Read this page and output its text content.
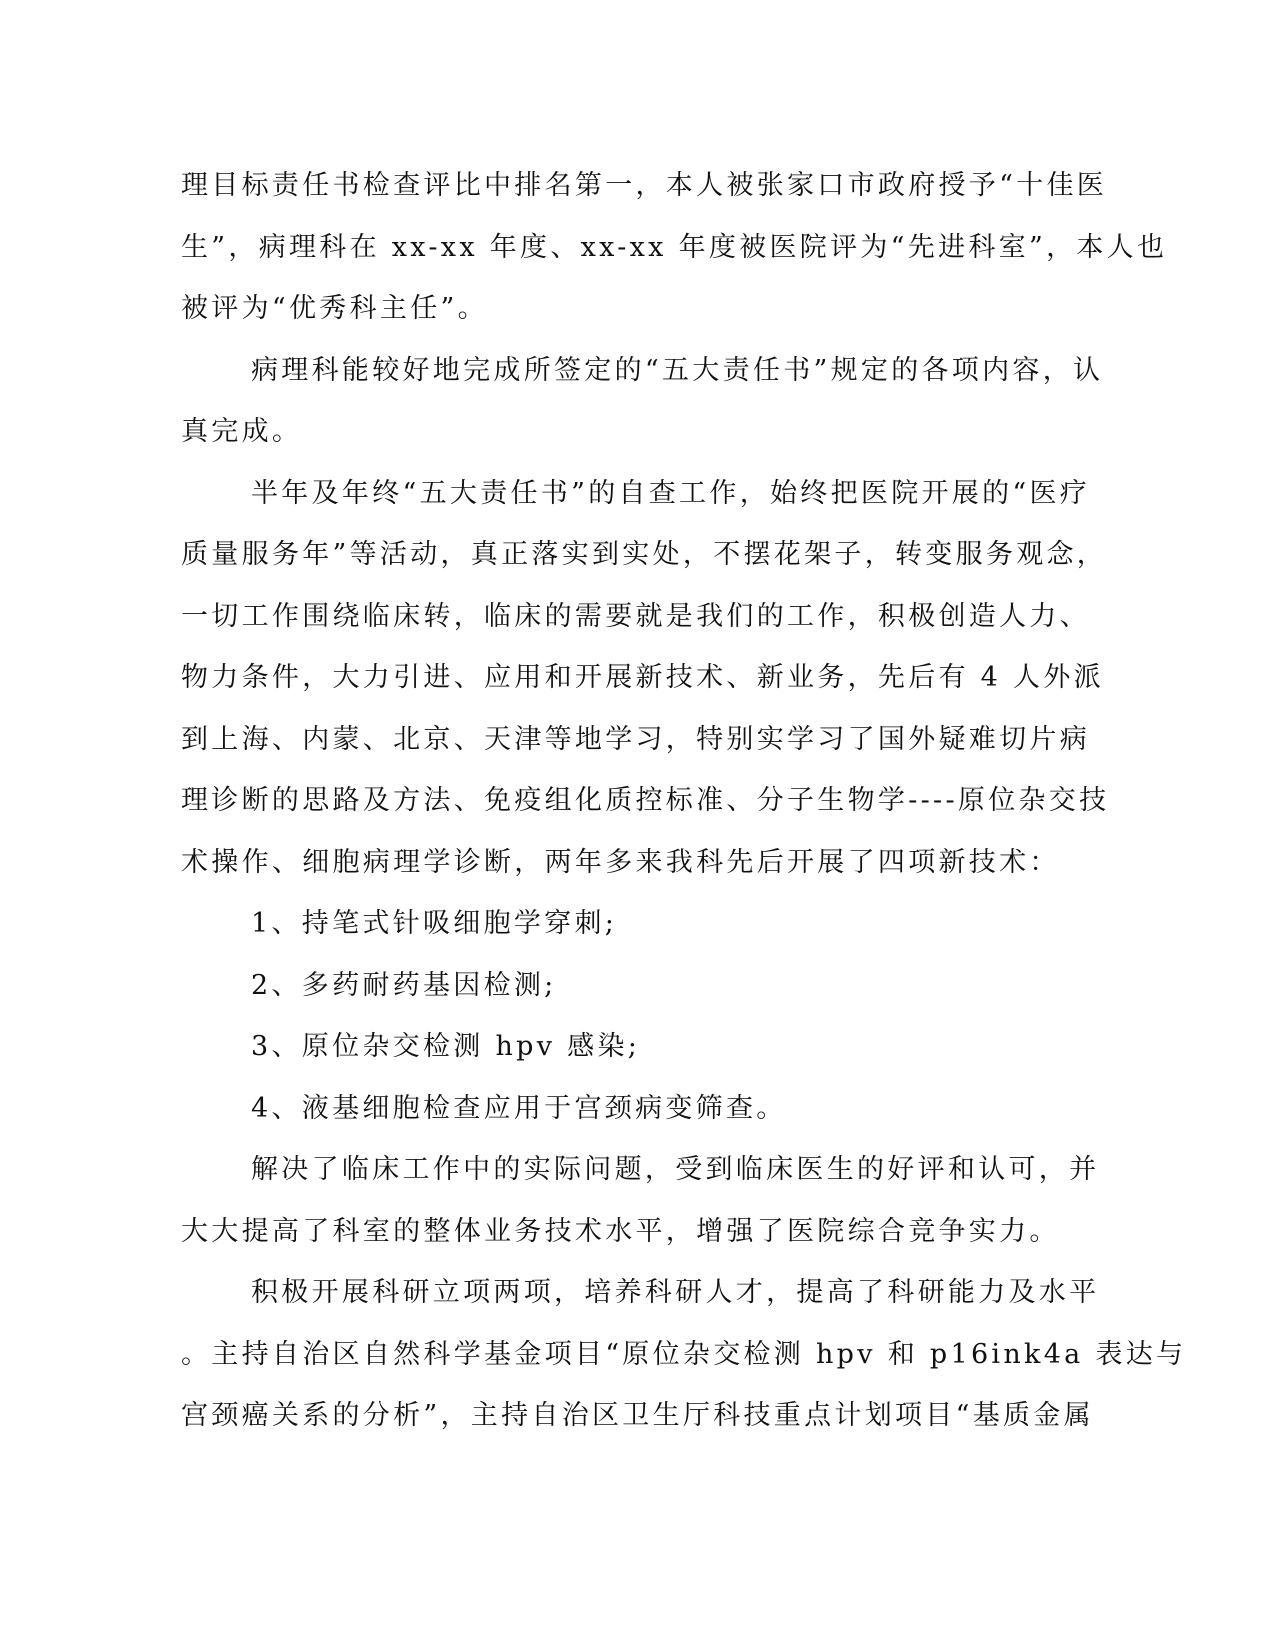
理目标责任书检查评比中排名第一，本人被张家口市政府授予“十佳医
生”，病理科在 xx-xx 年度、xx-xx 年度被医院评为“先进科室”，本人也
被评为“优秀科主任”。
病理科能较好地完成所签定的“五大责任书”规定的各项内容，认
真完成。
半年及年终“五大责任书”的自查工作，始终把医院开展的“医疗
质量服务年”等活动，真正落实到实处，不摆花架子，转变服务观念，
一切工作围绕临床转，临床的需要就是我们的工作，积极创造人力、
物力条件，大力引进、应用和开展新技术、新业务，先后有 4 人外派
到上海、内蒙、北京、天津等地学习，特别实学习了国外疑难切片病
理诊断的思路及方法、免疫组化质控标准、分子生物学----原位杂交技
术操作、细胞病理学诊断，两年多来我科先后开展了四项新技术：
1、持笔式针吸细胞学穿刺;
2、多药耐药基因检测;
3、原位杂交检测 hpv 感染;
4、液基细胞检查应用于宫颈病变筛查。
解决了临床工作中的实际问题，受到临床医生的好评和认可，并
大大提高了科室的整体业务技术水平，增强了医院综合竞争实力。
积极开展科研立项两项，培养科研人才，提高了科研能力及水平
。主持自治区自然科学基金项目“原位杂交检测 hpv 和 p16ink4a 表达与
宫颈癌关系的分析”，主持自治区卫生厅科技重点计划项目“基质金属
